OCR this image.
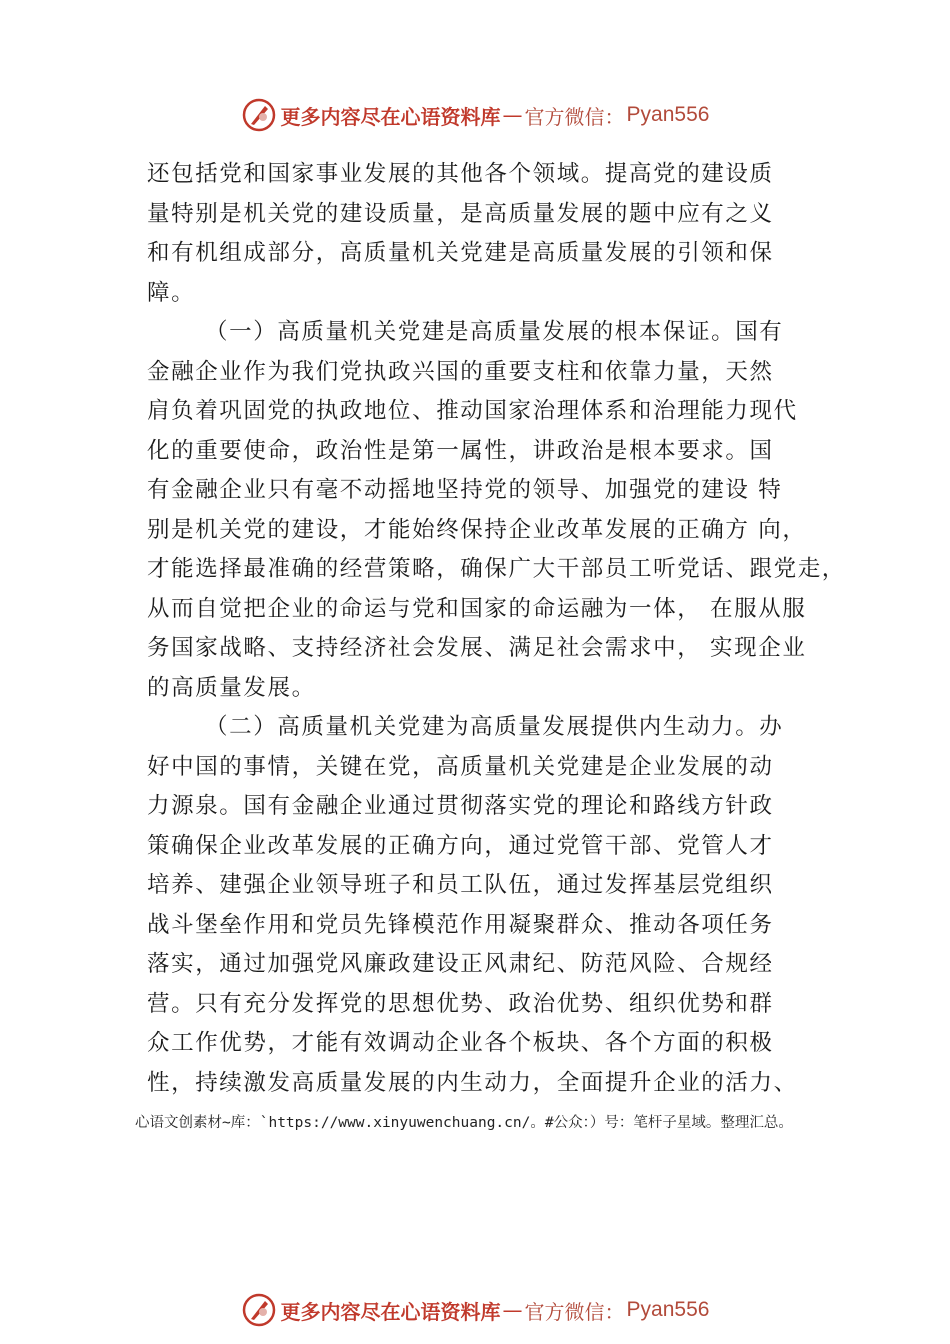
更多内容尽在心语资料库 — 官方微信： Pyan556
还包括党和国家事业发展的其他各个领域。提高党的建设质
量特别是机关党的建设质量，是高质量发展的题中应有之义
和有机组成部分，高质量机关党建是高质量发展的引领和保
障。
（一）高质量机关党建是高质量发展的根本保证。国有
金融企业作为我们党执政兴国的重要支柱和依靠力量，天然
肩负着巩固党的执政地位、推动国家治理体系和治理能力现代
化的重要使命，政治性是第一属性，讲政治是根本要求。国
有金融企业只有毫不动摇地坚持党的领导、加强党的建设 特
别是机关党的建设，才能始终保持企业改革发展的正确方 向，
才能选择最准确的经营策略，确保广大干部员工听党话、跟党走，
从而自觉把企业的命运与党和国家的命运融为一体， 在服从服
务国家战略、支持经济社会发展、满足社会需求中， 实现企业
的高质量发展。
（二）高质量机关党建为高质量发展提供内生动力。办
好中国的事情，关键在党，高质量机关党建是企业发展的动
力源泉。国有金融企业通过贯彻落实党的理论和路线方针政
策确保企业改革发展的正确方向，通过党管干部、党管人才
培养、建强企业领导班子和员工队伍，通过发挥基层党组织
战斗堡垒作用和党员先锋模范作用凝聚群众、推动各项任务
落实，通过加强党风廉政建设正风肃纪、防范风险、合规经
营。只有充分发挥党的思想优势、政治优势、组织优势和群
众工作优势，才能有效调动企业各个板块、各个方面的积极
性，持续激发高质量发展的内生动力，全面提升企业的活力、
心语文创素材~库：`https://www.xinyuwenchuang.cn/。#公众：）号：笔杆子星域。整理汇总。
更多内容尽在心语资料库 — 官方微信： Pyan556
